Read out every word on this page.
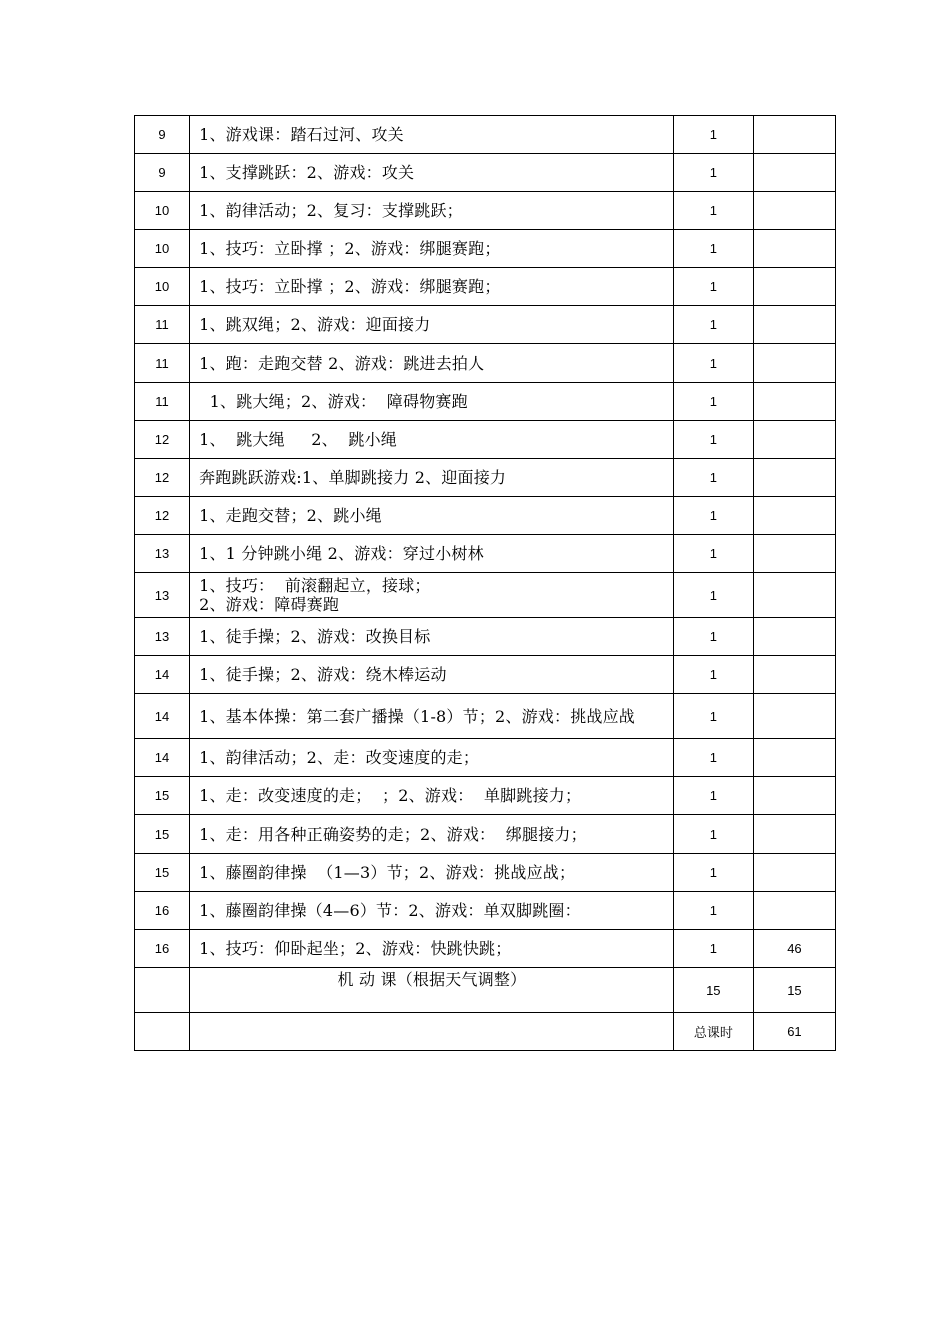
9	1、游戏课：踏石过河、攻关	1	
9	1、支撑跳跃：2、游戏：攻关	1	
10	1、韵律活动；2、复习：支撑跳跃；	1	
10	1、技巧：立卧撑 ；2、游戏：绑腿赛跑；	1	
10	1、技巧：立卧撑 ；2、游戏：绑腿赛跑；	1	
11	1、跳双绳；2、游戏：迎面接力	1	
11	1、跑：走跑交替 2、游戏：跳进去拍人	1	
11	1、跳大绳；2、游戏：  障碍物赛跑	1	
12	1、  跳大绳     2、  跳小绳	1	
12	奔跑跳跃游戏:1、单脚跳接力 2、迎面接力	1	
12	1、走跑交替；2、跳小绳	1	
13	1、1 分钟跳小绳 2、游戏：穿过小树林	1	
13	1、技巧：  前滚翻起立，接球；
2、游戏：障碍赛跑	1	
13	1、徒手操；2、游戏：改换目标	1	
14	1、徒手操；2、游戏：绕木棒运动	1	
14	1、基本体操：第二套广播操（1-8）节；2、游戏：挑战应战	1	
14	1、韵律活动；2、走：改变速度的走；	1	
15	1、走：改变速度的走；  ；2、游戏：  单脚跳接力；	1	
15	1、走：用各种正确姿势的走；2、游戏：  绑腿接力；	1	
15	1、藤圈韵律操  （1—3）节；2、游戏：挑战应战；	1	
16	1、藤圈韵律操（4—6）节：2、游戏：单双脚跳圈：	1	
16	1、技巧：仰卧起坐；2、游戏：快跳快跳；	1	46
	机 动 课（根据天气调整）	15	15
		总课时	61
